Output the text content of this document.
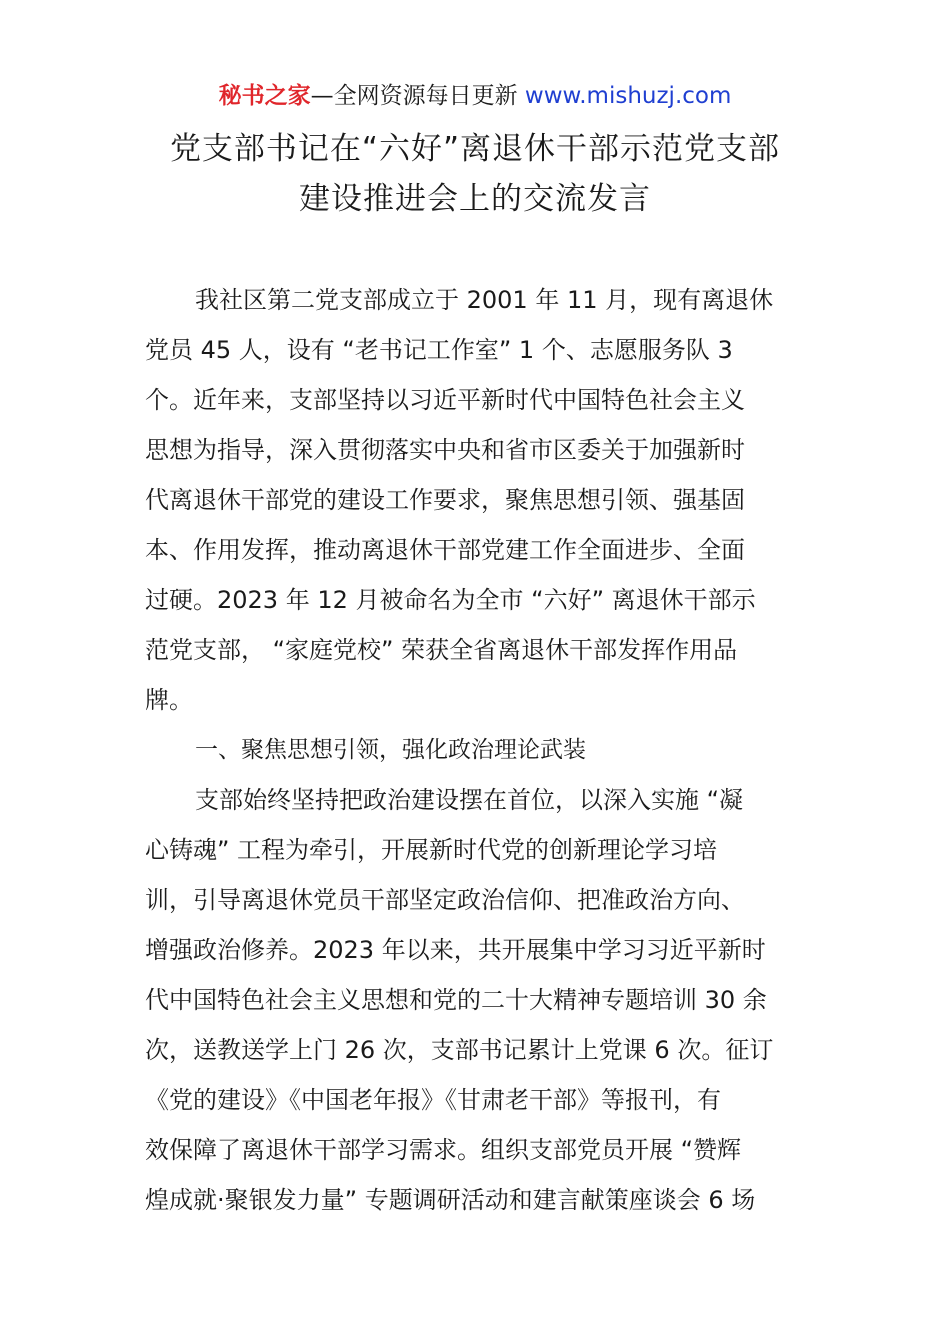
秘书之家—全网资源每日更新 www.mishuzj.com
党支部书记在“六好”离退休干部示范党支部
建设推进会上的交流发言
我社区第二党支部成立于 2001 年 11 月，现有离退休
党员 45 人，设有 “老书记工作室” 1 个、志愿服务队 3
个。近年来，支部坚持以习近平新时代中国特色社会主义
思想为指导，深入贯彻落实中央和省市区委关于加强新时
代离退休干部党的建设工作要求，聚焦思想引领、强基固
本、作用发挥，推动离退休干部党建工作全面进步、全面
过硬。2023 年 12 月被命名为全市 “六好” 离退休干部示
范党支部， “家庭党校” 荣获全省离退休干部发挥作用品
牌。
一、聚焦思想引领，强化政治理论武装
支部始终坚持把政治建设摆在首位，以深入实施 “凝
心铸魂” 工程为牵引，开展新时代党的创新理论学习培
训，引导离退休党员干部坚定政治信仰、把准政治方向、
增强政治修养。2023 年以来，共开展集中学习习近平新时
代中国特色社会主义思想和党的二十大精神专题培训 30 余
次，送教送学上门 26 次，支部书记累计上党课 6 次。征订
《党的建设》《中国老年报》《甘肃老干部》等报刊，有
效保障了离退休干部学习需求。组织支部党员开展 “赞辉
煌成就·聚银发力量” 专题调研活动和建言献策座谈会 6 场
